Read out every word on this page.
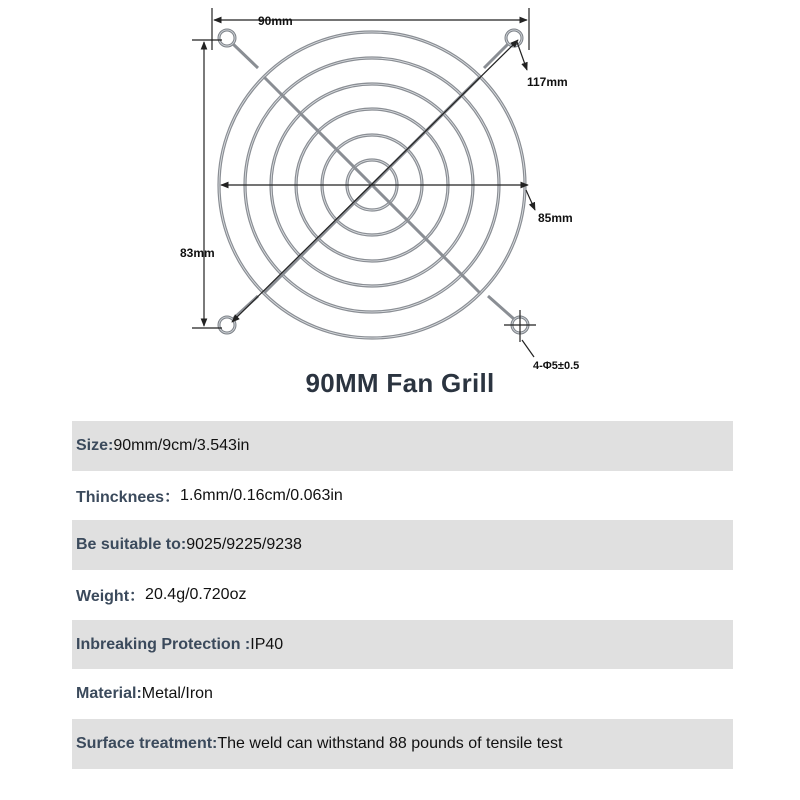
90mm
117mm
85mm
83mm
4-Φ5±0.5
90MM Fan Grill
Size: 90mm/9cm/3.543in
Thincknees： 1.6mm/0.16cm/0.063in
Be suitable to: 9025/9225/9238
Weight： 20.4g/0.720oz
Inbreaking Protection : IP40
Material: Metal/Iron
Surface treatment: The weld can withstand 88 pounds of tensile test
